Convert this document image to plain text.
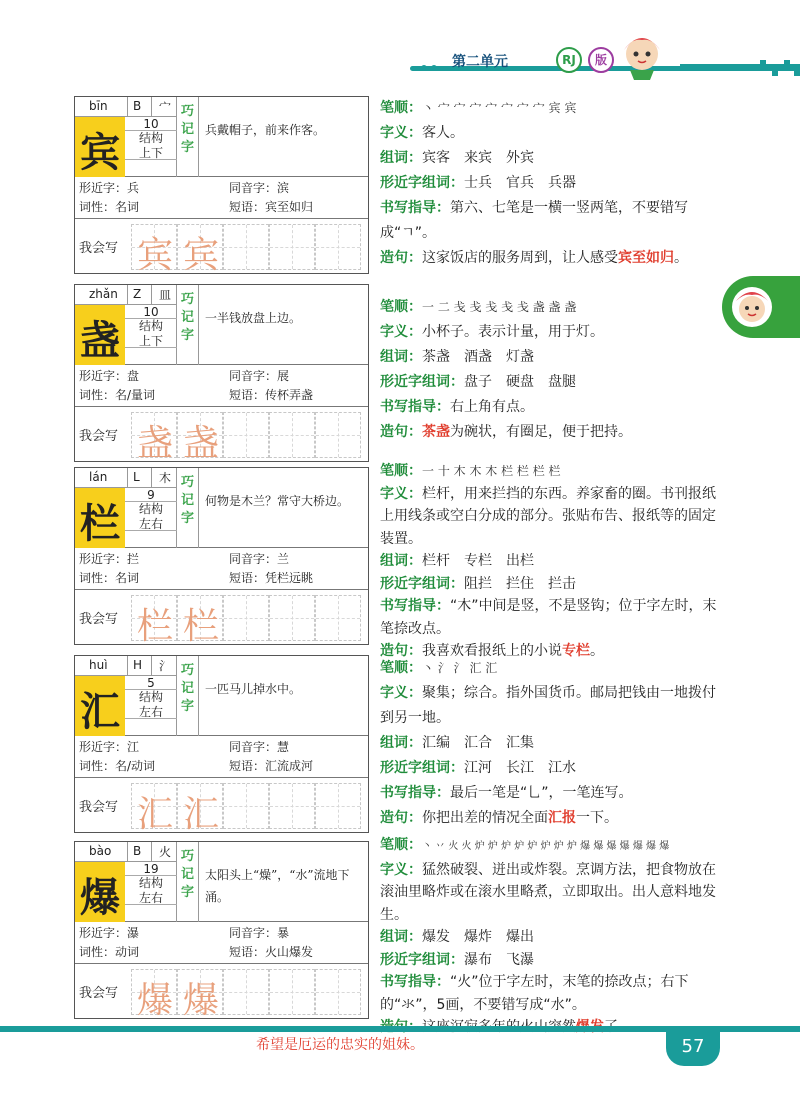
第二单元	RJ	版
bīn B 宀
宾
10
结构
上下
巧
记
字
兵戴帽子，前来作客。
形近字：兵	同音字：滨
词性：名词	短语：宾至如归
我会写 宾 宾
zhǎn Z 皿
盏
10
结构
上下
巧
记
字
一半钱放盘上边。
形近字：盘	同音字：展
词性：名/量词	短语：传杯弄盏
我会写 盏 盏
lán L 木
栏
9
结构
左右
巧
记
字
何物是木兰？常守大桥边。
形近字：拦	同音字：兰
词性：名词	短语：凭栏远眺
我会写 栏 栏
huì H 氵
汇
5
结构
左右
巧
记
字
一匹马儿掉水中。
形近字：江	同音字：慧
词性：名/动词	短语：汇流成河
我会写 汇 汇
bào B 火
爆
19
结构
左右
巧
记
字
太阳头上“燥”，“水”流地下涌。
形近字：瀑	同音字：暴
词性：动词	短语：火山爆发
我会写 爆 爆
笔顺：丶 宀 宀 宀 宀 宀 宀 宀 宾 宾
字义：客人。
组词：宾客　来宾　外宾
形近字组词：士兵　官兵　兵器
书写指导：第六、七笔是一横一竖两笔，不要错写成“ㄱ”。
造句：这家饭店的服务周到，让人感受宾至如归。
笔顺：一 二 戋 戋 戋 戋 戋 盏 盏 盏
字义：小杯子。表示计量，用于灯。
组词：茶盏　酒盏　灯盏
形近字组词：盘子　硬盘　盘腿
书写指导：右上角有点。
造句：茶盏为碗状，有圈足，便于把持。
笔顺：一 十 木 木 木 栏 栏 栏 栏
字义：栏杆，用来拦挡的东西。养家畜的圈。书刊报纸上用线条或空白分成的部分。张贴布告、报纸等的固定装置。
组词：栏杆　专栏　出栏
形近字组词：阻拦　拦住　拦击
书写指导：“木”中间是竖，不是竖钩；位于字左时，末笔捺改点。
造句：我喜欢看报纸上的小说专栏。
笔顺：丶 氵 氵 汇 汇
字义：聚集；综合。指外国货币。邮局把钱由一地拨付到另一地。
组词：汇编　汇合　汇集
形近字组词：江河　长江　江水
书写指导：最后一笔是“乚”，一笔连写。
造句：你把出差的情况全面汇报一下。
笔顺：丶 丷 火 火 炉 炉 炉 炉 炉 炉 炉 炉 爆 爆 爆 爆 爆 爆 爆
字义：猛然破裂、迸出或炸裂。烹调方法，把食物放在滚油里略炸或在滚水里略煮，立即取出。出人意料地发生。
组词：爆发　爆炸　爆出
形近字组词：瀑布　飞瀑
书写指导：“火”位于字左时，末笔的捺改点；右下的“氺”，5画，不要错写成“水”。
希望是厄运的忠实的姐妹。	57
